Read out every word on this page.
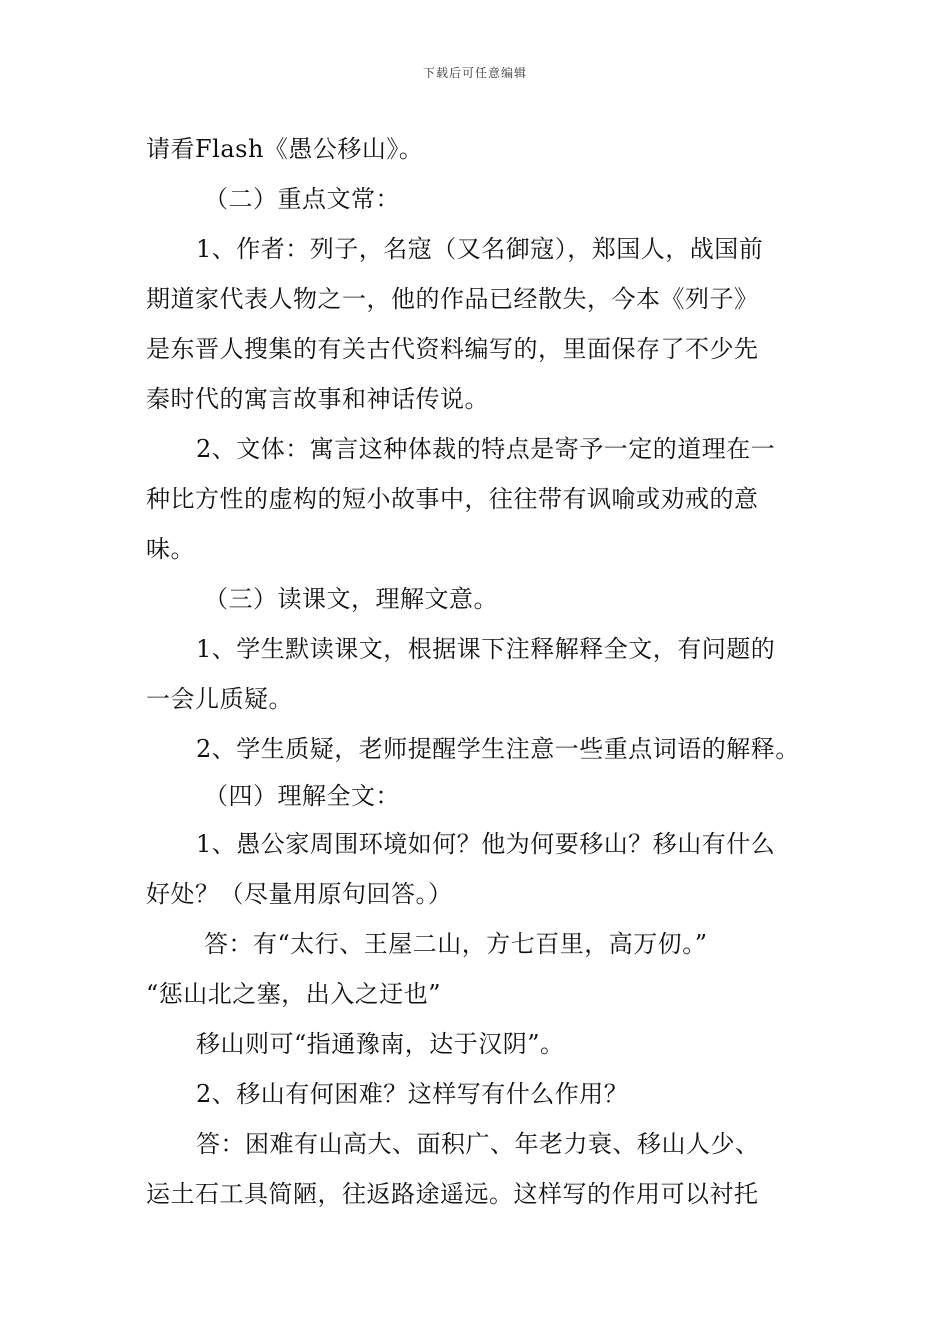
下载后可任意编辑
请看Flash《愚公移山》。
（二）重点文常：
1、作者：列子，名寇（又名御寇），郑国人，战国前
期道家代表人物之一，他的作品已经散失，今本《列子》
是东晋人搜集的有关古代资料编写的，里面保存了不少先
秦时代的寓言故事和神话传说。
2、文体：寓言这种体裁的特点是寄予一定的道理在一
种比方性的虚构的短小故事中，往往带有讽喻或劝戒的意
味。
（三）读课文，理解文意。
1、学生默读课文，根据课下注释解释全文，有问题的
一会儿质疑。
2、学生质疑，老师提醒学生注意一些重点词语的解释。
（四）理解全文：
1、愚公家周围环境如何？他为何要移山？移山有什么
好处？（尽量用原句回答。）
答：有“太行、王屋二山，方七百里，高万仞。”
“惩山北之塞，出入之迂也”
移山则可“指通豫南，达于汉阴”。
2、移山有何困难？这样写有什么作用？
答：困难有山高大、面积广、年老力衰、移山人少、
运土石工具简陋，往返路途遥远。这样写的作用可以衬托
